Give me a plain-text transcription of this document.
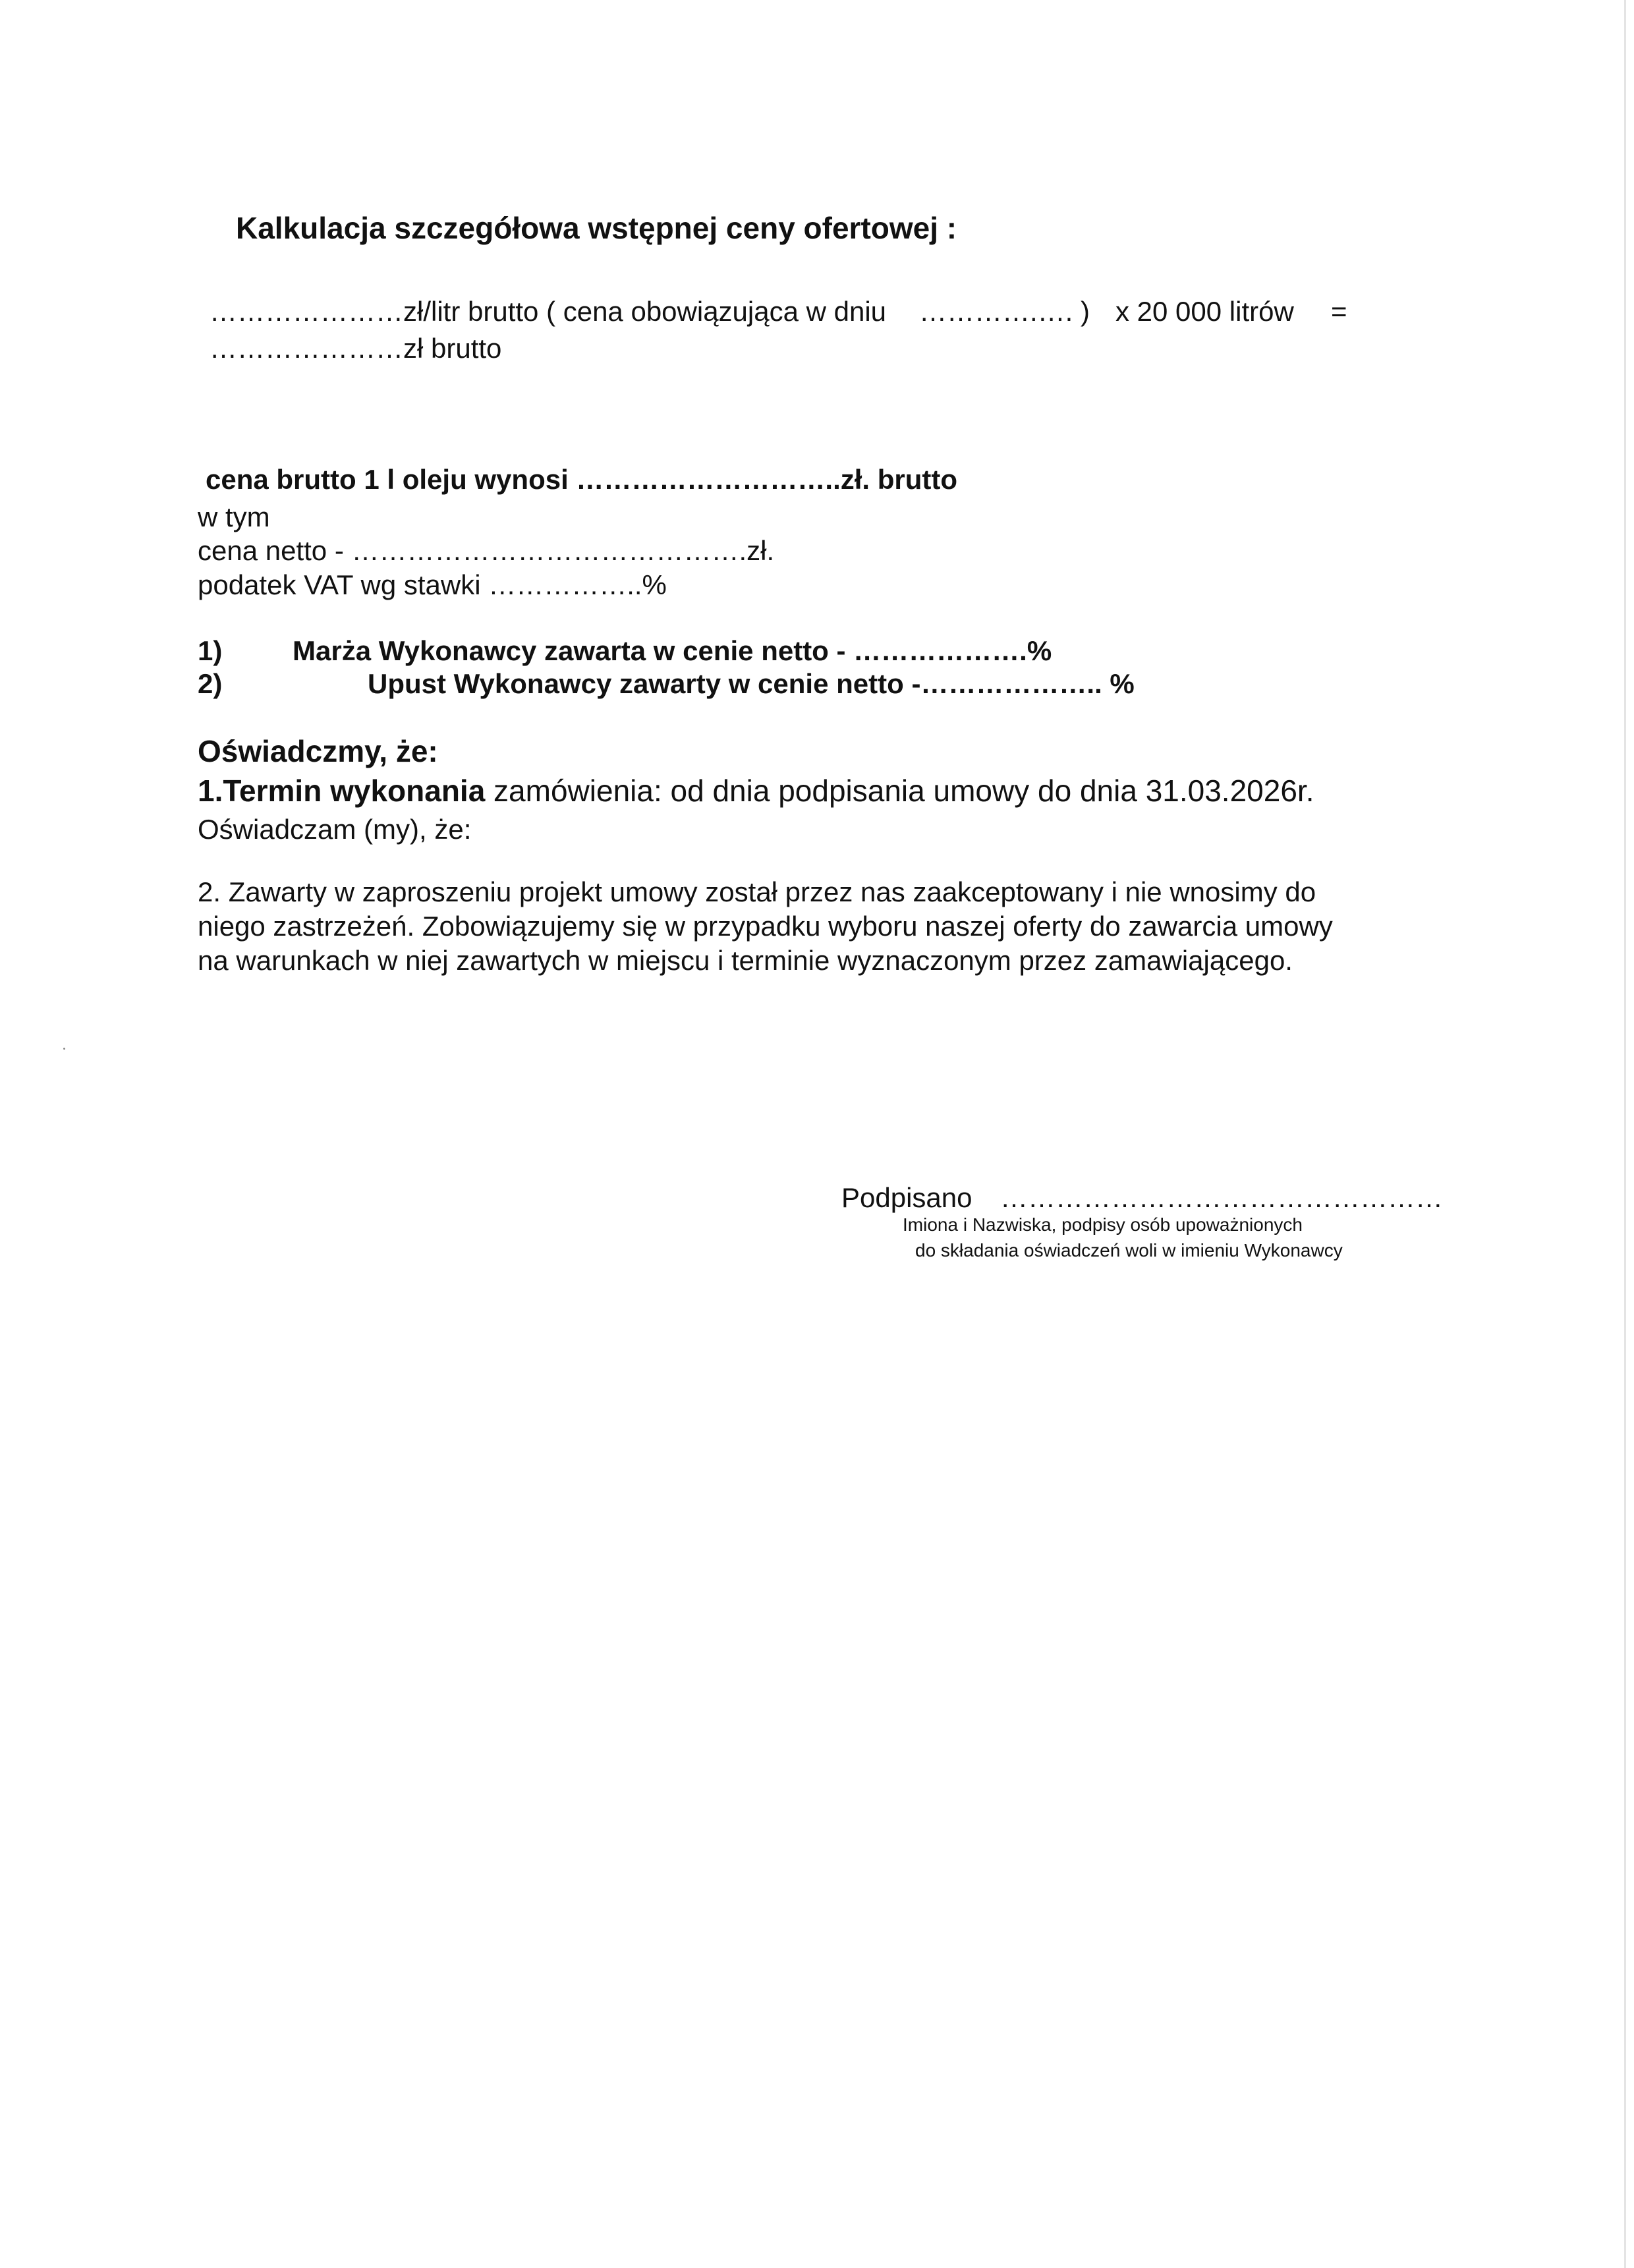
Kalkulacja szczegółowa wstępnej ceny ofertowej :
…………………zł/litr brutto ( cena obowiązująca w dniu ………….…. ) x 20 000 litrów =
…………………zł brutto
cena brutto 1 l oleju wynosi ………………………..zł. brutto
w tym
cena netto - …………………………………….zł.
podatek VAT wg stawki ……………..%
1)	Marża Wykonawcy zawarta w cenie netto - ……………….%
2)	Upust Wykonawcy zawarty w cenie netto -……………….. %
Oświadczmy, że:
1.Termin wykonania zamówienia: od dnia podpisania umowy do dnia 31.03.2026r.
Oświadczam (my), że:
2. Zawarty w zaproszeniu projekt umowy został przez nas zaakceptowany i nie wnosimy do
niego zastrzeżeń. Zobowiązujemy się w przypadku wyboru naszej oferty do zawarcia umowy
na warunkach w niej zawartych w miejscu i terminie wyznaczonym przez zamawiającego.
Podpisano …………………………………………
Imiona i Nazwiska, podpisy osób upoważnionych
do składania oświadczeń woli w imieniu Wykonawcy
